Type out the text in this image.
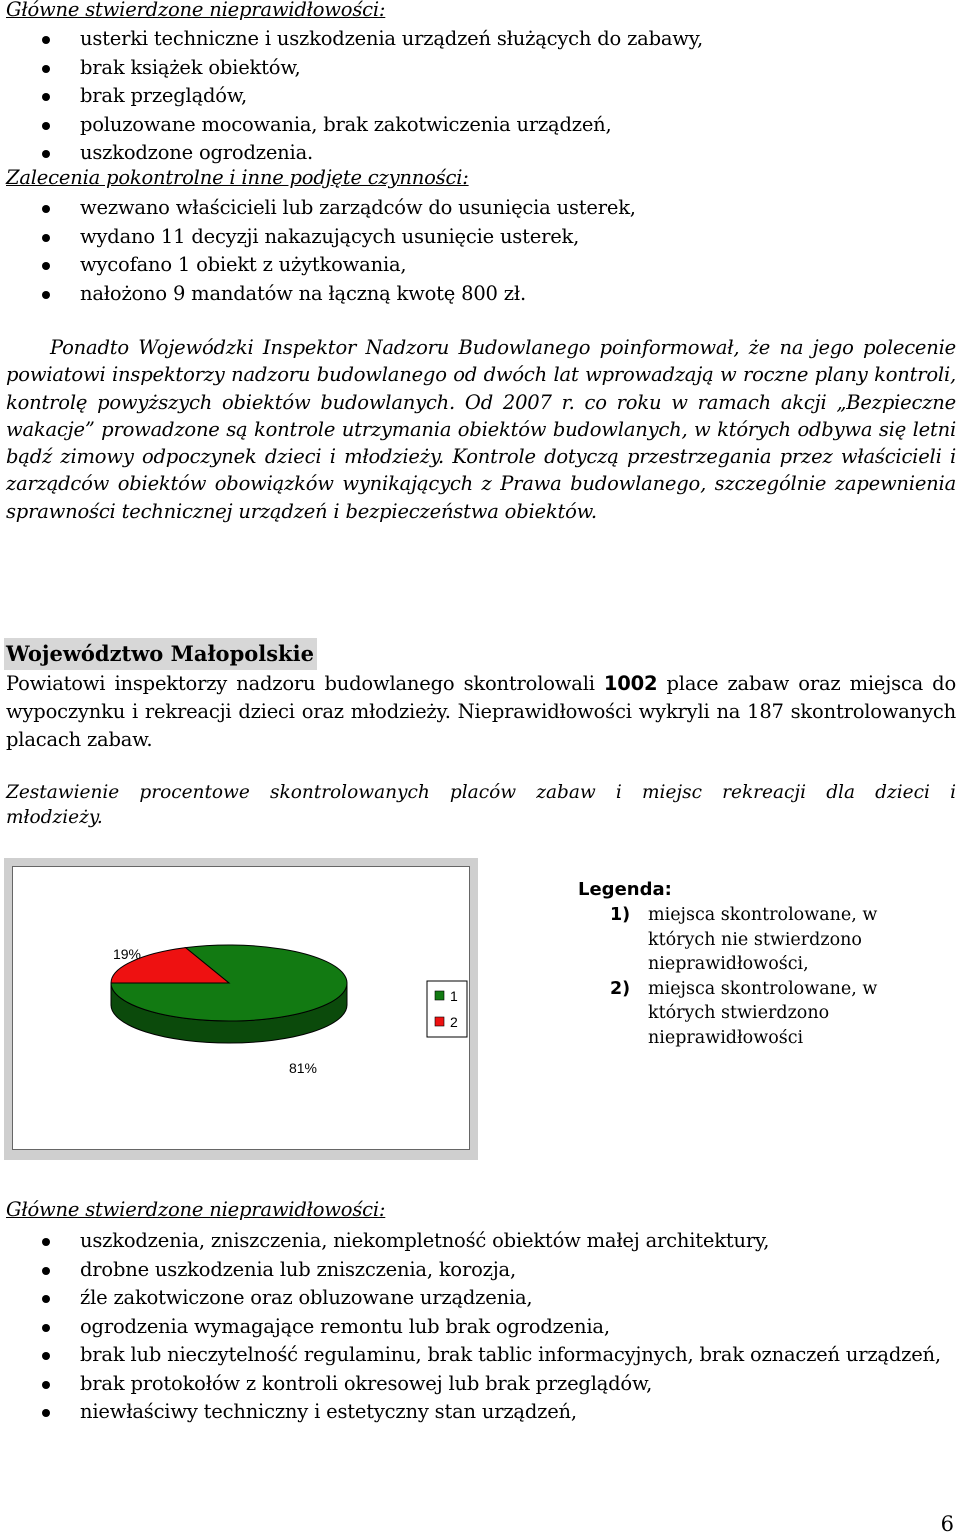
Główne stwierdzone nieprawidłowości:
usterki techniczne i uszkodzenia urządzeń służących do zabawy,
brak książek obiektów,
brak przeglądów,
poluzowane mocowania, brak zakotwiczenia urządzeń,
uszkodzone ogrodzenia.
Zalecenia pokontrolne i inne podjęte czynności:
wezwano właścicieli lub zarządców do usunięcia usterek,
wydano 11 decyzji nakazujących usunięcie usterek,
wycofano 1 obiekt z użytkowania,
nałożono 9 mandatów na łączną kwotę 800 zł.
Ponadto Wojewódzki Inspektor Nadzoru Budowlanego poinformował, że na jego polecenie powiatowi inspektorzy nadzoru budowlanego od dwóch lat wprowadzają w roczne plany kontroli, kontrolę powyższych obiektów budowlanych. Od 2007 r. co roku w ramach akcji „Bezpieczne wakacje” prowadzone są kontrole utrzymania obiektów budowlanych, w których odbywa się letni bądź zimowy odpoczynek dzieci i młodzieży. Kontrole dotyczą przestrzegania przez właścicieli i zarządców obiektów obowiązków wynikających z Prawa budowlanego, szczególnie zapewnienia sprawności technicznej urządzeń i bezpieczeństwa obiektów.
Województwo Małopolskie
Powiatowi inspektorzy nadzoru budowlanego skontrolowali 1002 place zabaw oraz miejsca do wypoczynku i rekreacji dzieci oraz młodzieży. Nieprawidłowości wykryli na 187 skontrolowanych placach zabaw.
Zestawienie procentowe skontrolowanych placów zabaw i miejsc rekreacji dla dzieci i młodzieży.
81%
19%
1
2
Legenda:
1) miejsca skontrolowane, w których nie stwierdzono nieprawidłowości,
2) miejsca skontrolowane, w których stwierdzono nieprawidłowości
Główne stwierdzone nieprawidłowości:
uszkodzenia, zniszczenia, niekompletność obiektów małej architektury,
drobne uszkodzenia lub zniszczenia, korozja,
źle zakotwiczone oraz obluzowane urządzenia,
ogrodzenia wymagające remontu lub brak ogrodzenia,
brak lub nieczytelność regulaminu, brak tablic informacyjnych, brak oznaczeń urządzeń,
brak protokołów z kontroli okresowej lub brak przeglądów,
niewłaściwy techniczny i estetyczny stan urządzeń,
6
